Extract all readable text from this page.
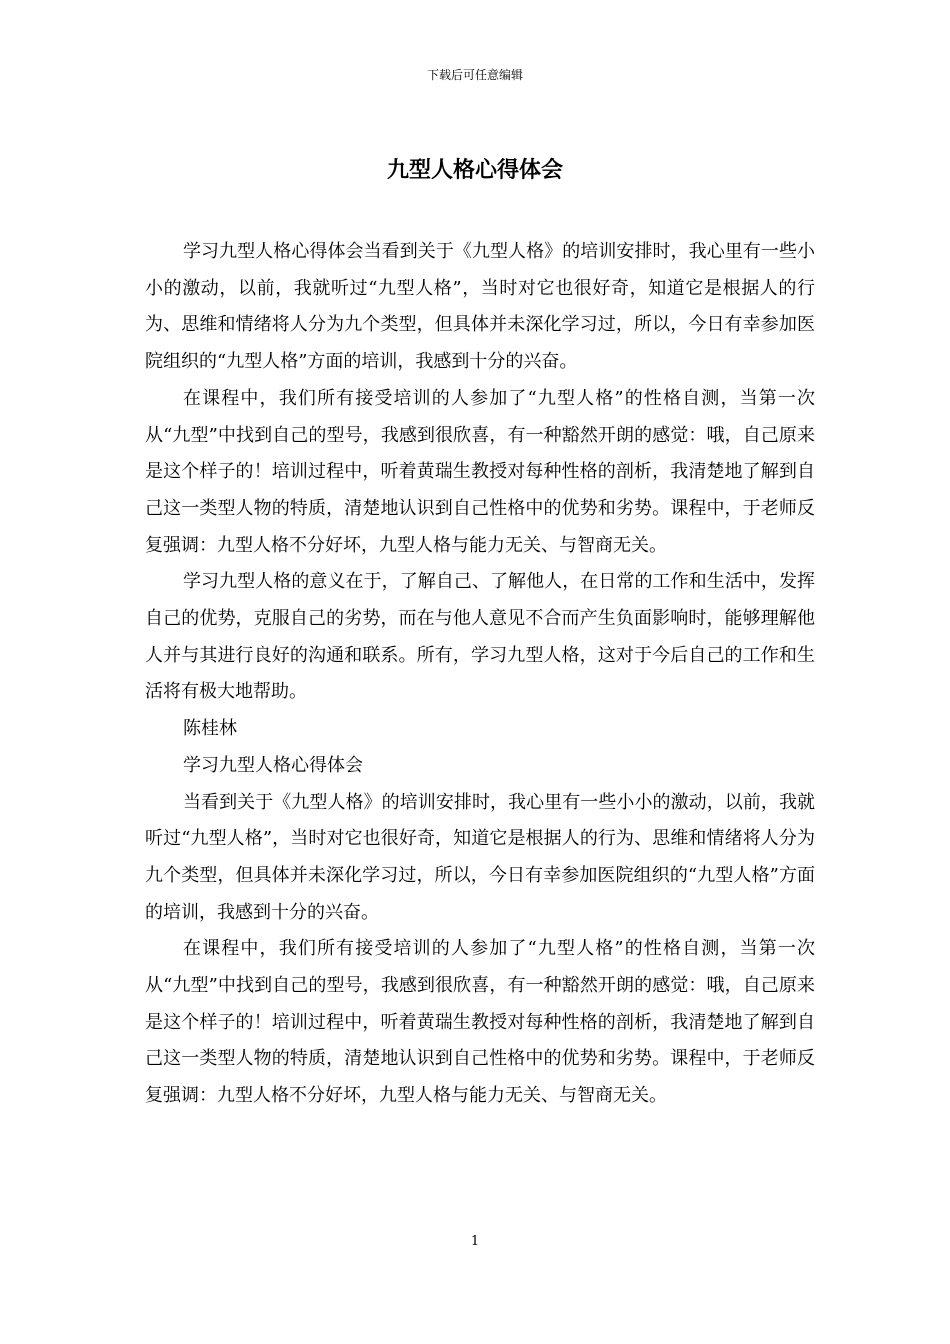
下载后可任意编辑
九型人格心得体会

学习九型人格心得体会当看到关于《九型人格》的培训安排时，我心里有一些小小的激动，以前，我就听过“九型人格”，当时对它也很好奇，知道它是根据人的行为、思维和情绪将人分为九个类型，但具体并未深化学习过，所以，今日有幸参加医院组织的“九型人格”方面的培训，我感到十分的兴奋。

在课程中，我们所有接受培训的人参加了“九型人格”的性格自测，当第一次从“九型”中找到自己的型号，我感到很欣喜，有一种豁然开朗的感觉：哦，自己原来是这个样子的！培训过程中，听着黄瑞生教授对每种性格的剖析，我清楚地了解到自己这一类型人物的特质，清楚地认识到自己性格中的优势和劣势。课程中，于老师反复强调：九型人格不分好坏，九型人格与能力无关、与智商无关。

学习九型人格的意义在于，了解自己、了解他人，在日常的工作和生活中，发挥自己的优势，克服自己的劣势，而在与他人意见不合而产生负面影响时，能够理解他人并与其进行良好的沟通和联系。所有，学习九型人格，这对于今后自己的工作和生活将有极大地帮助。

陈桂林

学习九型人格心得体会

当看到关于《九型人格》的培训安排时，我心里有一些小小的激动，以前，我就听过“九型人格”，当时对它也很好奇，知道它是根据人的行为、思维和情绪将人分为九个类型，但具体并未深化学习过，所以，今日有幸参加医院组织的“九型人格”方面的培训，我感到十分的兴奋。

在课程中，我们所有接受培训的人参加了“九型人格”的性格自测，当第一次从“九型”中找到自己的型号，我感到很欣喜，有一种豁然开朗的感觉：哦，自己原来是这个样子的！培训过程中，听着黄瑞生教授对每种性格的剖析，我清楚地了解到自己这一类型人物的特质，清楚地认识到自己性格中的优势和劣势。课程中，于老师反复强调：九型人格不分好坏，九型人格与能力无关、与智商无关。

1
